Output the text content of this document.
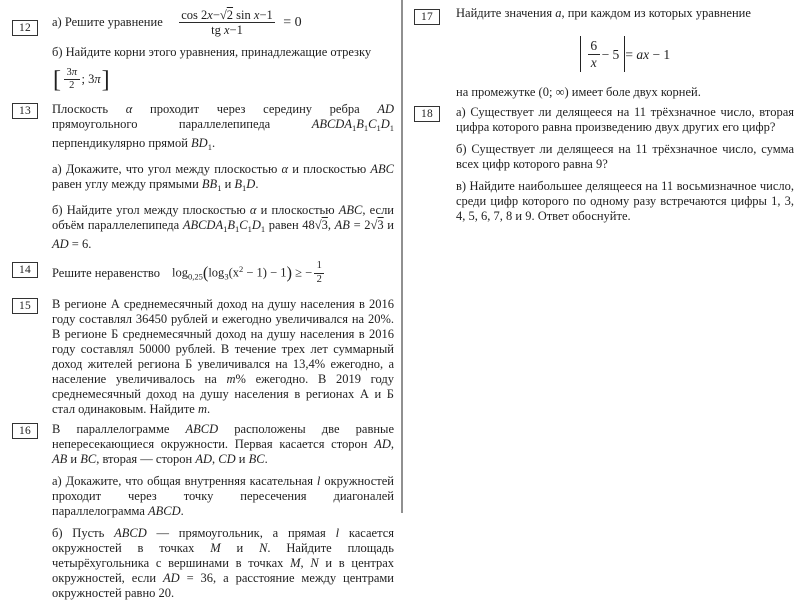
12 а) Решите уравнение $\frac{\text{cos 2x−√2 sin x−1}}{\text{tg x−1}} = 0$

б) Найдите корни этого уравнения, принадлежащие отрезку

[ $\frac{3\pi}{2}$ ; 3π ]
13 Плоскость α проходит через середину ребра AD прямоугольного параллелепипеда $ABCDA_1B_1C_1D_1$ перпендикулярно прямой $BD_1$.

а) Докажите, что угол между плоскостью α и плоскостью ABC равен углу между прямыми $BB_1$ и $B_1D$.

б) Найдите угол между плоскостью α и плоскостью ABC, если объём параллелепипеда $ABCDA_1B_1C_1D_1$ равен 48√3, AB = 2√3 и AD = 6.

14 Решите неравенство $\log_{0,25}(\log_3(x^2 - 1) - 1)$ ≥ − $\frac{1}{2}$
15 В регионе А среднемесячный доход на душу населения в 2016 году составлял 36450 рублей и ежегодно увеличивался на 20%. В регионе Б среднемесячный доход на душу населения в 2016 году составлял 50000 рублей. В течение трех лет суммарный доход жителей региона Б увеличивался на 13,4% ежегодно, а население увеличивалось на m% ежегодно. В 2019 году среднемесячный доход на душу населения в регионах А и Б стал одинаковым. Найдите m.

16 В параллелограмме ABCD расположены две равные непересекающиеся окружности. Первая касается сторон AD, AB и BC, вторая — сторон AD, CD и BC.

а) Докажите, что общая внутренняя касательная l окружностей проходит через точку пересечения диагоналей параллелограмма ABCD.

б) Пусть ABCD — прямоугольник, а прямая l касается окружностей в точках M и N. Найдите площадь четырёхугольника с вершинами в точках M, N и в центрах окружностей, если AD = 36, а расстояние между центрами окружностей равно 20.

17 Найдите значения a, при каждом из которых уравнение

$\frac{6}{x} - 5$ = ax − 1

на промежутке (0; ∞) имеет боле двух корней.

18 а) Существует ли делящееся на 11 трёхзначное число, вторая цифра которого равна произведению двух других его цифр?

б) Существует ли делящееся на 11 трёхзначное число, сумма всех цифр которого равна 9?

в) Найдите наибольшее делящееся на 11 восьмизначное число, среди цифр которого по одному разу встречаются цифры 1, 3, 4, 5, 6, 7, 8 и 9. Ответ обоснуйте.
